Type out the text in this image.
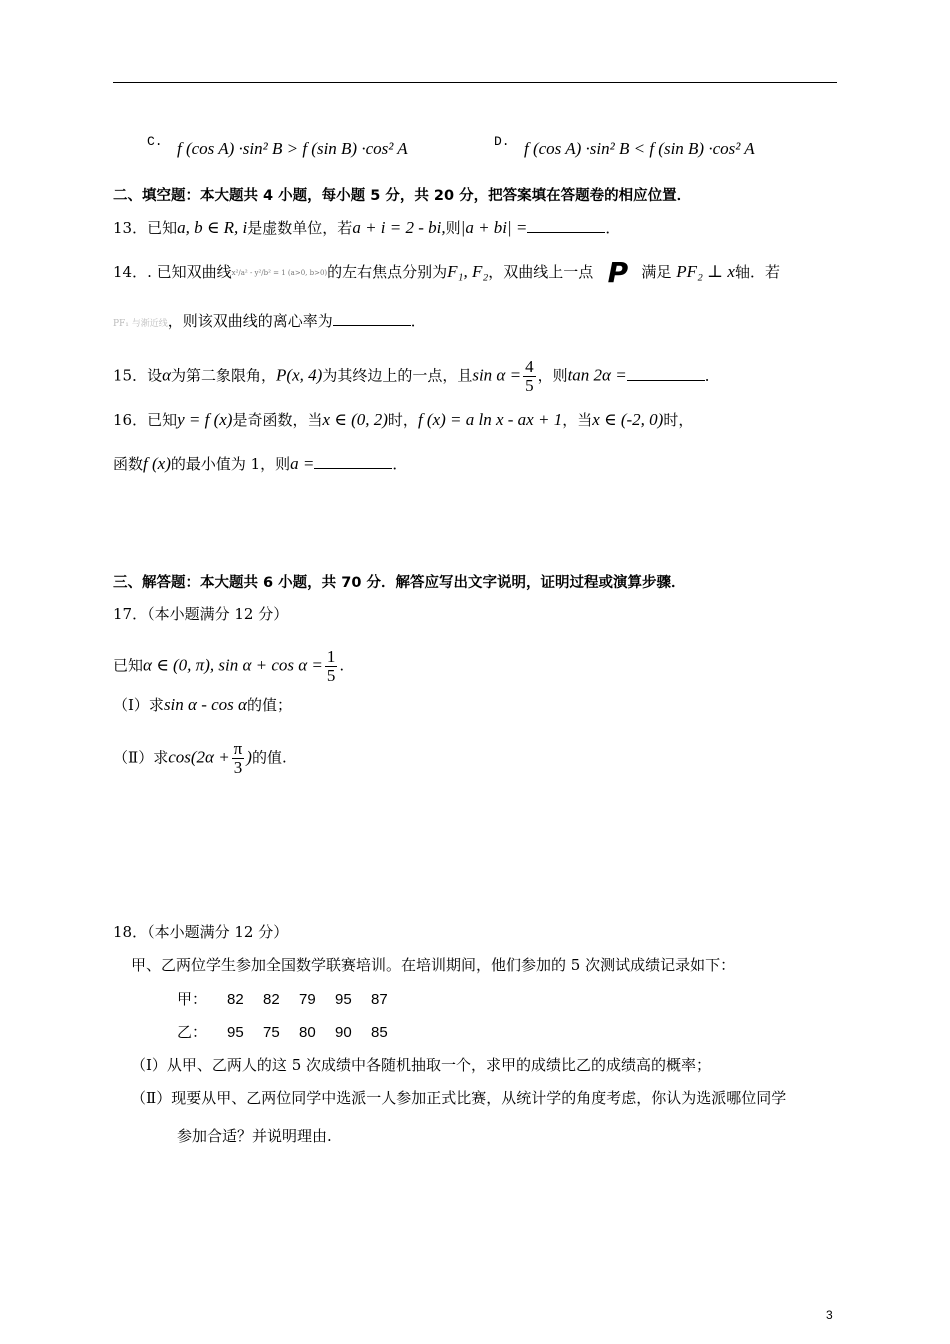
C. f (cos A) ·sin² B > f (sin B) ·cos² A	D. f (cos A) ·sin² B < f (sin B) ·cos² A
二、填空题：本大题共 4 小题，每小题 5 分，共 20 分，把答案填在答题卷的相应位置．
13．已知a, b ∈ R, i是虚数单位，若a + i = 2 - bi,则|a + bi| =	．
14．. 已知双曲线x²/a² - y²/b² = 1 (a>0, b>0)的左右焦点分别为F₁, F₂，双曲线上一点 P 满足 PF₂ ⊥ x轴．若
PF₁ 与渐近线，则该双曲线的离心率为	．
15．设α为第二象限角，P(x, 4)为其终边上的一点，且$\sin \alpha = \frac{4}{5}$ ，则tan 2α =	．
16．已知y = f (x)是奇函数，当x ∈ (0, 2)时，f (x) = a ln x - ax + 1，当x ∈ (-2, 0)时，
函数f (x)的最小值为 1，则a =	．
三、解答题：本大题共 6 小题，共 70 分．解答应写出文字说明，证明过程或演算步骤．
17．（本小题满分 12 分）
已知α ∈ (0, π), $\sin \alpha + \cos \alpha = \frac{1}{5}$ .
（Ⅰ）求sin α - cos α的值；
（Ⅱ）求$\cos(2\alpha + \frac{\pi}{3}$ )的值.
18．（本小题满分 12 分）
甲、乙两位学生参加全国数学联赛培训。在培训期间，他们参加的 5 次测试成绩记录如下：
甲： 82 82 79 95 87
乙： 95 75 80 90 85
（Ⅰ）从甲、乙两人的这 5 次成绩中各随机抽取一个，求甲的成绩比乙的成绩高的概率；
（Ⅱ）现要从甲、乙两位同学中选派一人参加正式比赛，从统计学的角度考虑，你认为选派哪位同学
参加合适？并说明理由.
3
